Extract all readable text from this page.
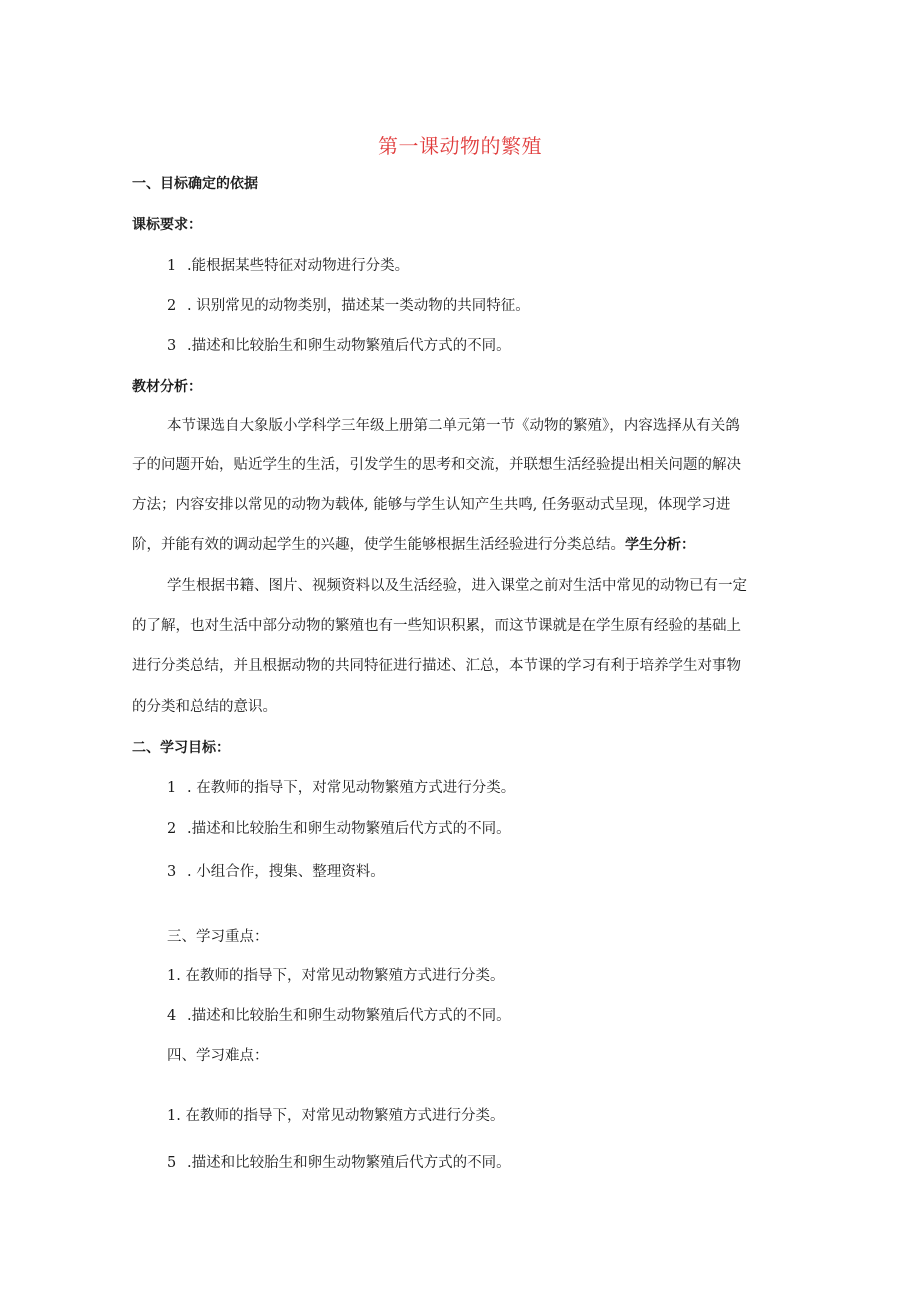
第一课动物的繁殖
一、目标确定的依据
课标要求：
1 .能根据某些特征对动物进行分类。
2 . 识别常见的动物类别，描述某一类动物的共同特征。
3 .描述和比较胎生和卵生动物繁殖后代方式的不同。
教材分析：
本节课选自大象版小学科学三年级上册第二单元第一节《动物的繁殖》，内容选择从有关鸽
子的问题开始，贴近学生的生活，引发学生的思考和交流，并联想生活经验提出相关问题的解决
方法；内容安排以常见的动物为载体, 能够与学生认知产生共鸣, 任务驱动式呈现，体现学习进
阶，并能有效的调动起学生的兴趣，使学生能够根据生活经验进行分类总结。学生分析：
学生根据书籍、图片、视频资料以及生活经验，进入课堂之前对生活中常见的动物已有一定
的了解，也对生活中部分动物的繁殖也有一些知识积累，而这节课就是在学生原有经验的基础上
进行分类总结，并且根据动物的共同特征进行描述、汇总，本节课的学习有利于培养学生对事物
的分类和总结的意识。
二、学习目标：
1 . 在教师的指导下，对常见动物繁殖方式进行分类。
2 .描述和比较胎生和卵生动物繁殖后代方式的不同。
3 . 小组合作，搜集、整理资料。
三、学习重点：
1. 在教师的指导下，对常见动物繁殖方式进行分类。
4 .描述和比较胎生和卵生动物繁殖后代方式的不同。
四、学习难点：
1. 在教师的指导下，对常见动物繁殖方式进行分类。
5 .描述和比较胎生和卵生动物繁殖后代方式的不同。
